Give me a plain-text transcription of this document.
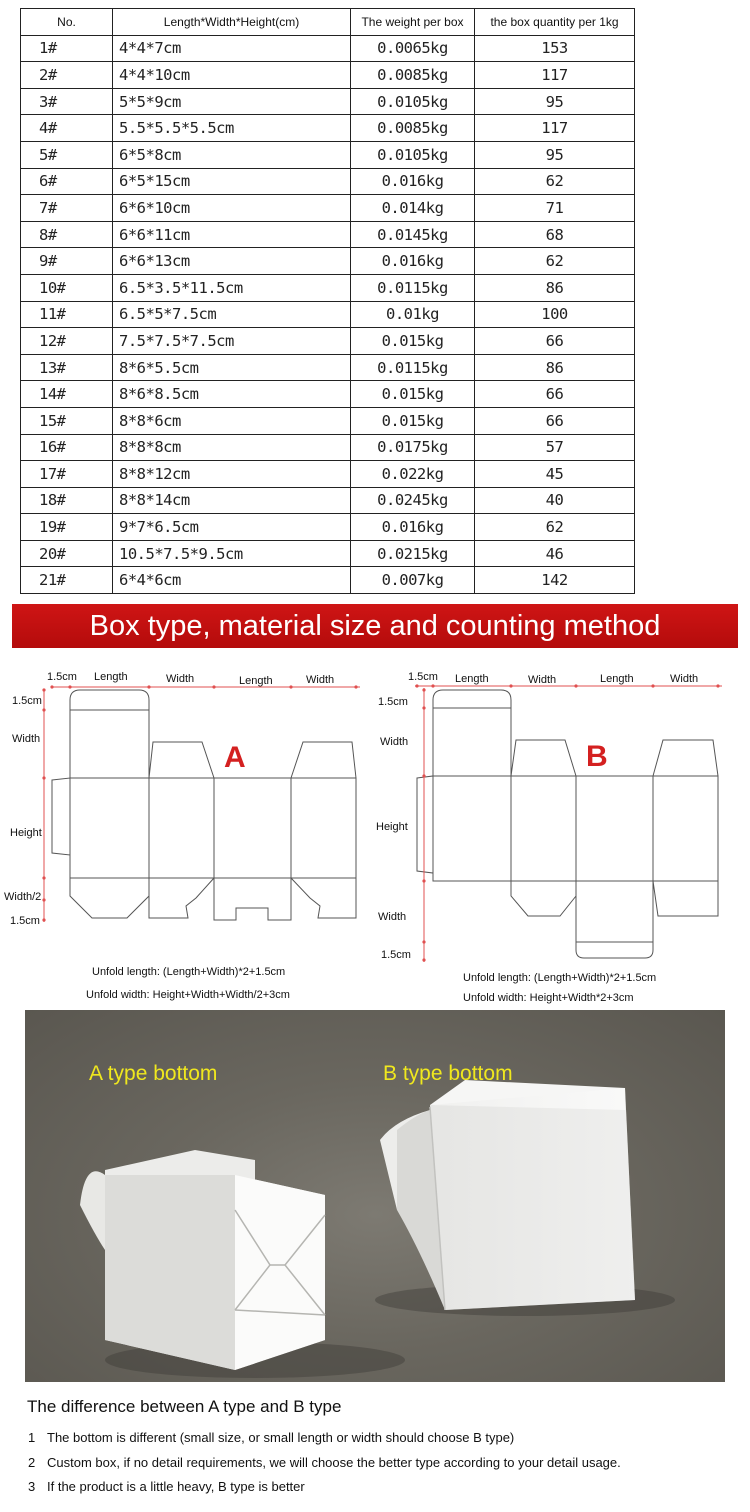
No.	Length*Width*Height(cm)	The weight per box	the box quantity per 1kg
1#	4*4*7cm	0.0065kg	153
2#	4*4*10cm	0.0085kg	117
3#	5*5*9cm	0.0105kg	95
4#	5.5*5.5*5.5cm	0.0085kg	117
5#	6*5*8cm	0.0105kg	95
6#	6*5*15cm	0.016kg	62
7#	6*6*10cm	0.014kg	71
8#	6*6*11cm	0.0145kg	68
9#	6*6*13cm	0.016kg	62
10#	6.5*3.5*11.5cm	0.0115kg	86
11#	6.5*5*7.5cm	0.01kg	100
12#	7.5*7.5*7.5cm	0.015kg	66
13#	8*6*5.5cm	0.0115kg	86
14#	8*6*8.5cm	0.015kg	66
15#	8*8*6cm	0.015kg	66
16#	8*8*8cm	0.0175kg	57
17#	8*8*12cm	0.022kg	45
18#	8*8*14cm	0.0245kg	40
19#	9*7*6.5cm	0.016kg	62
20#	10.5*7.5*9.5cm	0.0215kg	46
21#	6*4*6cm	0.007kg	142
Box type, material size and counting method
1.5cm Length	Width	Length	Width
1.5cm
Width
Height
Width/2
1.5cm
A
1.5cm Length	Width	Length	Width
1.5cm
Width
Height
Width
1.5cm
B
Unfold length: (Length+Width)*2+1.5cm
Unfold width: Height+Width+Width/2+3cm
Unfold length: (Length+Width)*2+1.5cm
Unfold width: Height+Width*2+3cm
A type bottom	B type bottom
The difference between A type and B type
1 The bottom is different (small size, or small length or width should choose B type)
2 Custom box, if no detail requirements, we will choose the better type according to your detail usage.
3 If the product is a little heavy, B type is better
